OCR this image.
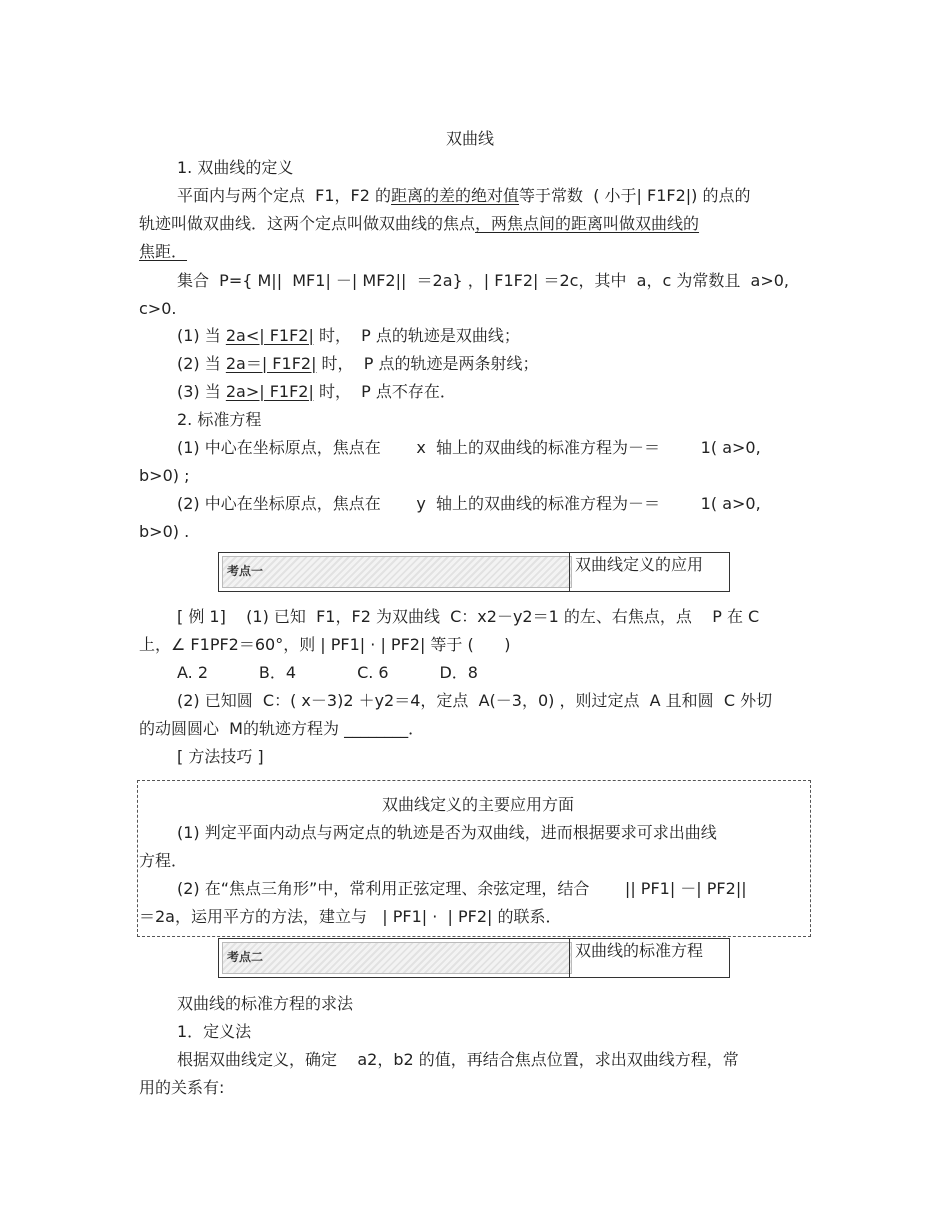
双曲线
1. 双曲线的定义
平面内与两个定点  F1，F2 的距离的差的绝对值等于常数  ( 小于| F1F2|) 的点的
轨迹叫做双曲线．这两个定点叫做双曲线的焦点，两焦点间的距离叫做双曲线的
焦距．
集合  P={ M||  MF1| －| MF2||  ＝2a} ，| F1F2| ＝2c，其中  a，c 为常数且  a>0,
c>0.
(1) 当 2a<| F1F2| 时，  P 点的轨迹是双曲线；
(2) 当 2a＝| F1F2| 时，  P 点的轨迹是两条射线；
(3) 当 2a>| F1F2| 时，  P 点不存在．
2. 标准方程
(1) 中心在坐标原点，焦点在       x  轴上的双曲线的标准方程为－＝        1( a>0,
b>0) ;
(2) 中心在坐标原点，焦点在       y  轴上的双曲线的标准方程为－＝        1( a>0,
b>0) .
考点一	双曲线定义的应用
[ 例 1]    (1) 已知  F1，F2 为双曲线  C：x2－y2＝1 的左、右焦点，点    P 在 C
上，∠ F1PF2＝60°，则 | PF1| · | PF2| 等于 (      )
A. 2          B．4            C. 6          D．8
(2) 已知圆  C：( x－3)2 ＋y2＝4，定点  A(－3，0) ，则过定点  A 且和圆  C 外切
的动圆圆心  M的轨迹方程为 ________．
[ 方法技巧 ]
双曲线定义的主要应用方面
(1) 判定平面内动点与两定点的轨迹是否为双曲线，进而根据要求可求出曲线
方程．
(2) 在“焦点三角形”中，常利用正弦定理、余弦定理，结合       || PF1| －| PF2||
＝2a，运用平方的方法，建立与   | PF1| ·  | PF2| 的联系．
考点二	双曲线的标准方程
双曲线的标准方程的求法
1．定义法
根据双曲线定义，确定    a2，b2 的值，再结合焦点位置，求出双曲线方程，常
用的关系有:
